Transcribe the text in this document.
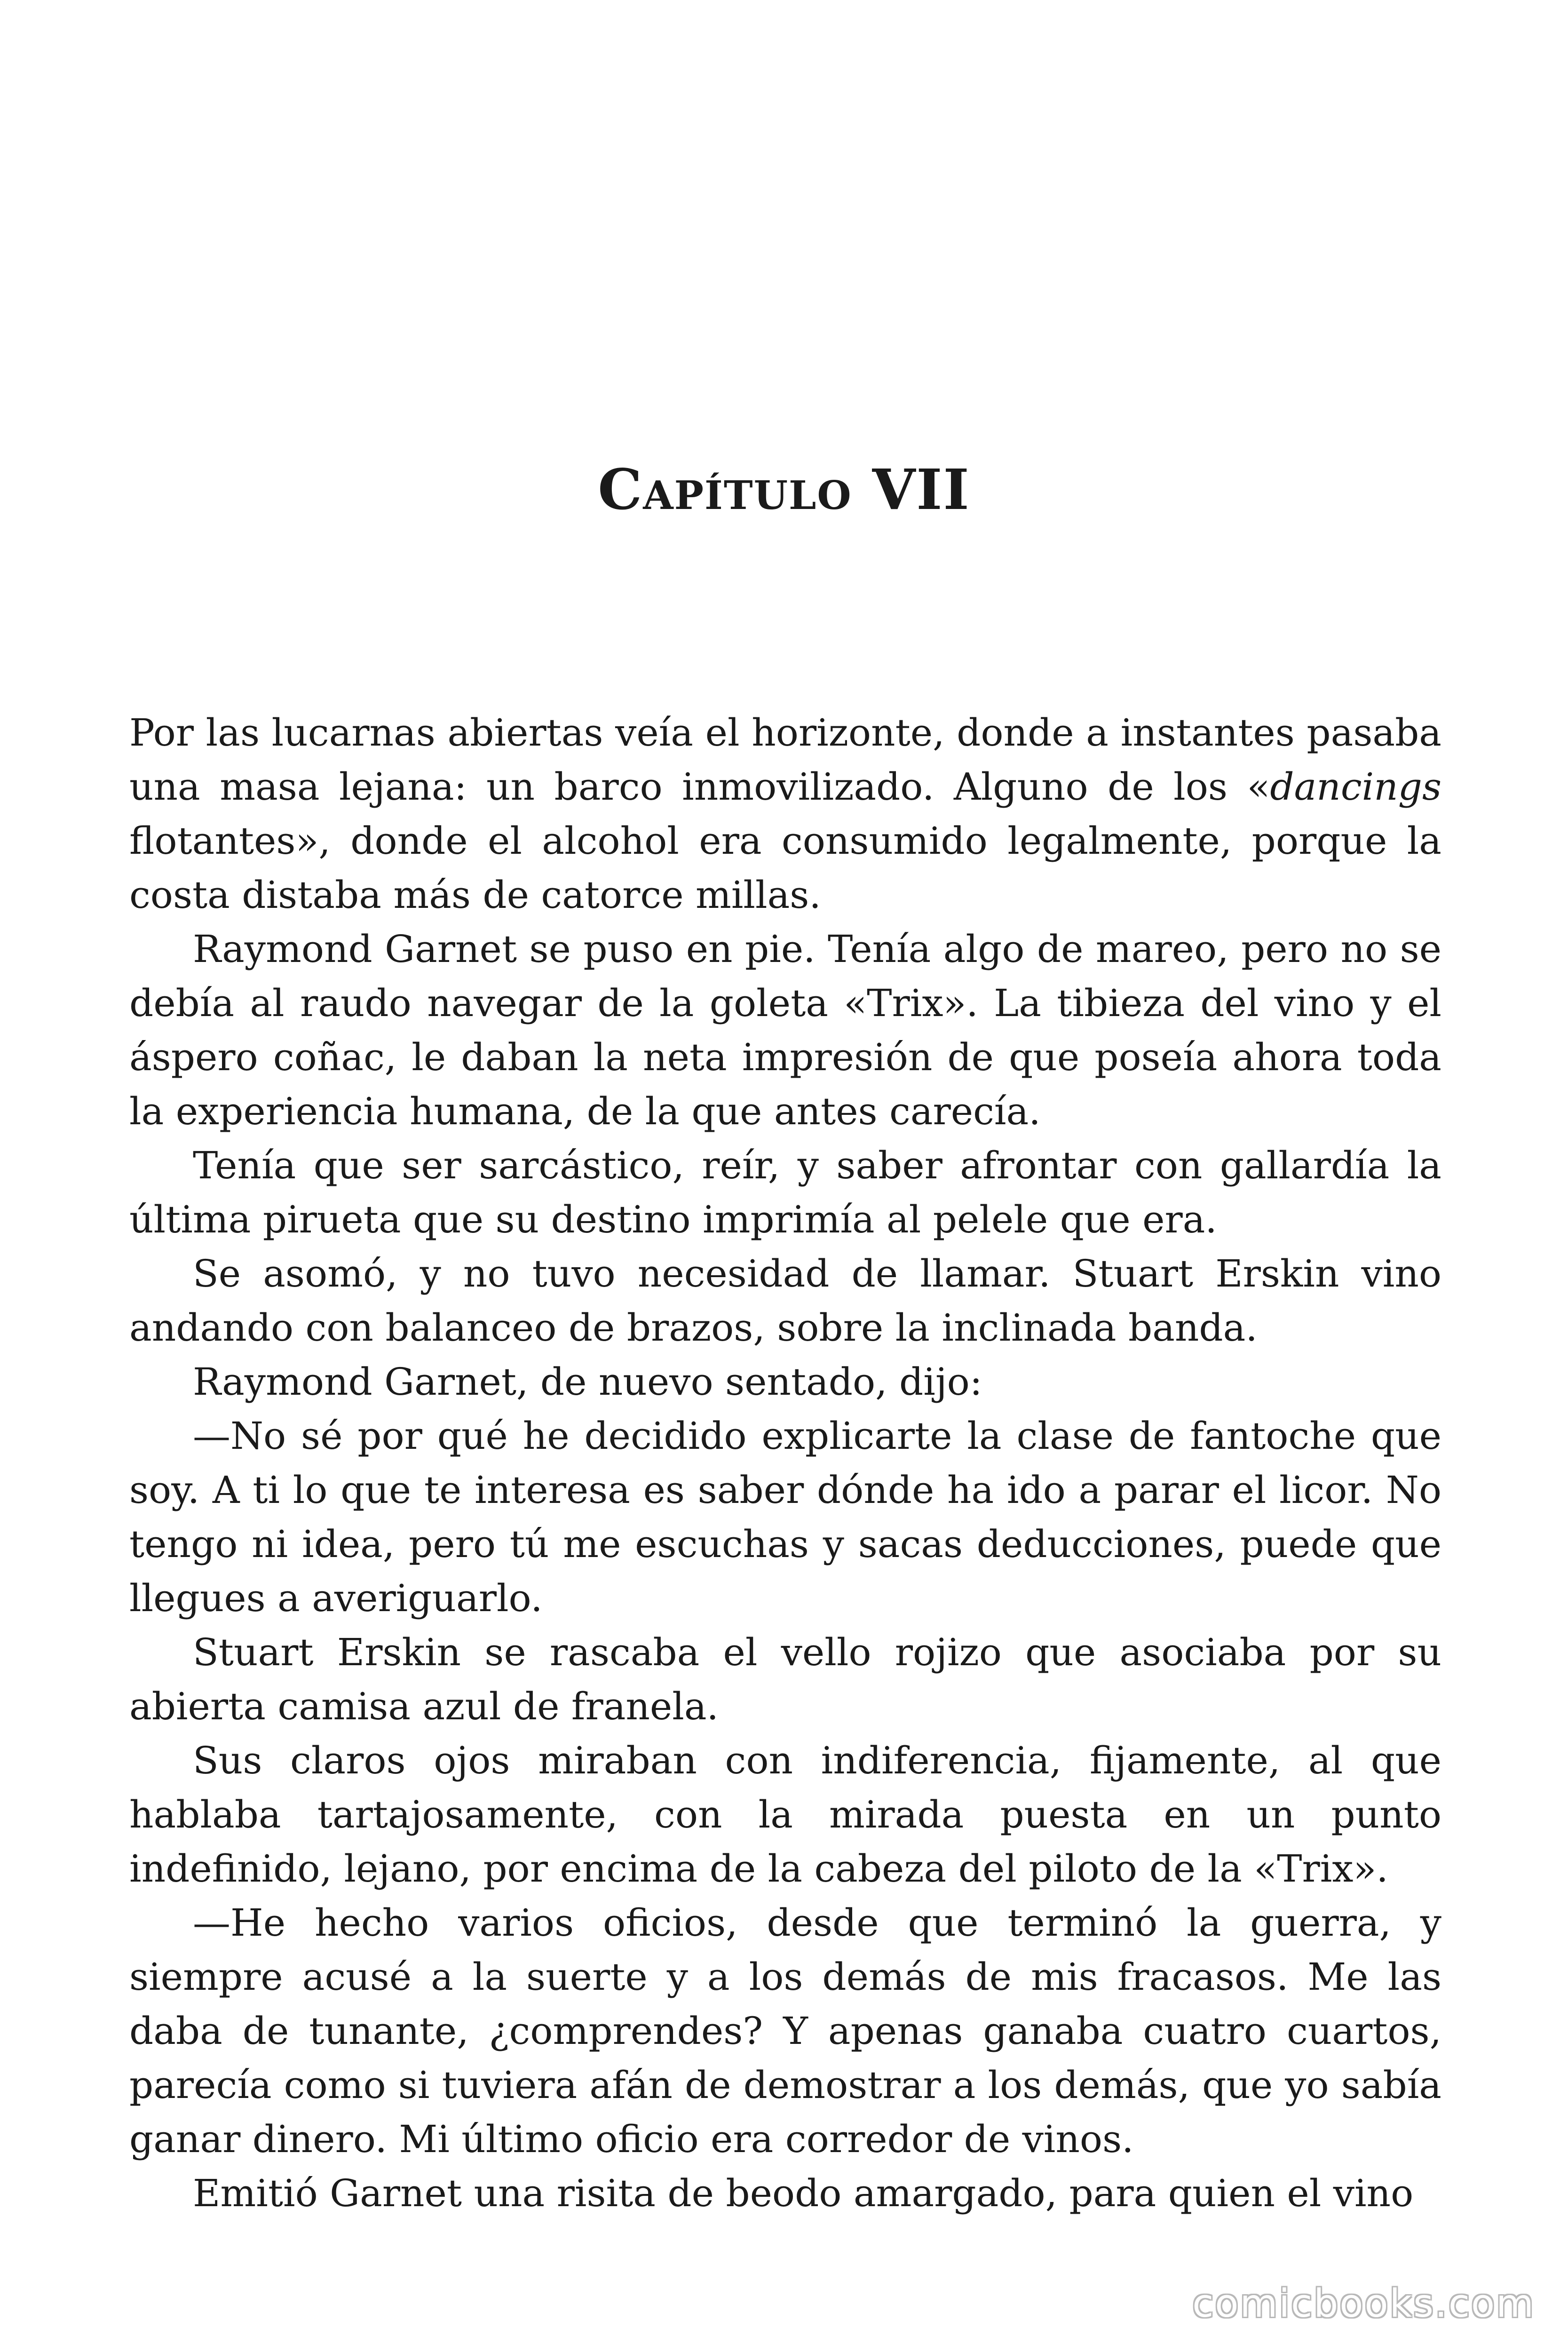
Capítulo VII

Por las lucarnas abiertas veía el horizonte, donde a instantes pasaba una masa lejana: un barco inmovilizado. Alguno de los «dancings flotantes», donde el alcohol era consumido legalmente, porque la costa distaba más de catorce millas.

Raymond Garnet se puso en pie. Tenía algo de mareo, pero no se debía al raudo navegar de la goleta «Trix». La tibieza del vino y el áspero coñac, le daban la neta impresión de que poseía ahora toda la experiencia humana, de la que antes carecía.

Tenía que ser sarcástico, reír, y saber afrontar con gallardía la última pirueta que su destino imprimía al pelele que era.

Se asomó, y no tuvo necesidad de llamar. Stuart Erskin vino andando con balanceo de brazos, sobre la inclinada banda.

Raymond Garnet, de nuevo sentado, dijo:

—No sé por qué he decidido explicarte la clase de fantoche que soy. A ti lo que te interesa es saber dónde ha ido a parar el licor. No tengo ni idea, pero tú me escuchas y sacas deducciones, puede que llegues a averiguarlo.

Stuart Erskin se rascaba el vello rojizo que asociaba por su abierta camisa azul de franela.

Sus claros ojos miraban con indiferencia, fijamente, al que hablaba tartajosamente, con la mirada puesta en un punto indefinido, lejano, por encima de la cabeza del piloto de la «Trix».

—He hecho varios oficios, desde que terminó la guerra, y siempre acusé a la suerte y a los demás de mis fracasos. Me las daba de tunante, ¿comprendes? Y apenas ganaba cuatro cuartos, parecía como si tuviera afán de demostrar a los demás, que yo sabía ganar dinero. Mi último oficio era corredor de vinos.

Emitió Garnet una risita de beodo amargado, para quien el vino

comicbooks.com
